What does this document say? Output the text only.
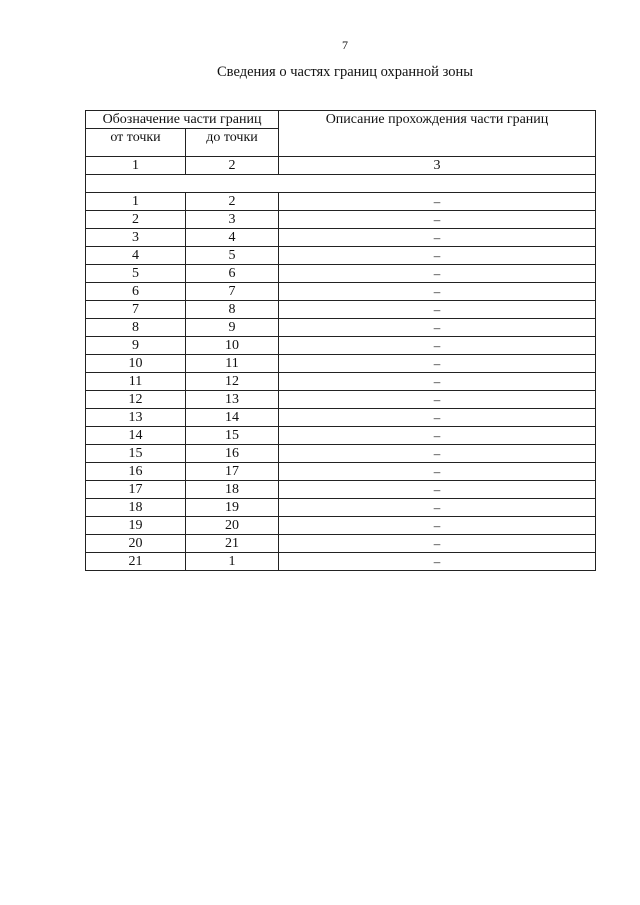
7
Сведения о частях границ охранной зоны
Обозначение части границ		Описание прохождения части границ
от точки	до точки	
1	2	3

1	2	–
2	3	–
3	4	–
4	5	–
5	6	–
6	7	–
7	8	–
8	9	–
9	10	–
10	11	–
11	12	–
12	13	–
13	14	–
14	15	–
15	16	–
16	17	–
17	18	–
18	19	–
19	20	–
20	21	–
21	1	–
